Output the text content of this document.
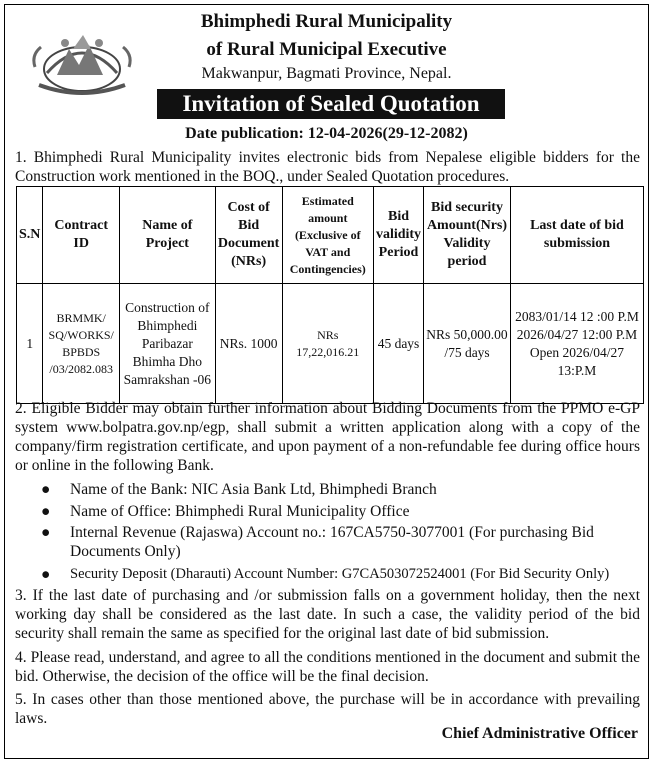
Bhimphedi Rural Municipality
of Rural Municipal Executive
Makwanpur, Bagmati Province, Nepal.
Invitation of Sealed Quotation
Date publication: 12-04-2026(29-12-2082)
1. Bhimphedi Rural Municipality invites electronic bids from Nepalese eligible bidders for the Construction work mentioned in the BOQ., under Sealed Quotation procedures.
S.N	Contract ID	Name of Project	Cost of Bid Document (NRs)	Estimated amount (Exclusive of VAT and Contingencies)	Bid validity Period	Bid security Amount(Nrs) Validity period	Last date of bid submission
1	BRMMK/ SQ/WORKS/ BPBDS /03/2082.083	Construction of Bhimphedi Paribazar Bhimha Dho Samrakshan -06	NRs. 1000	NRs 17,22,016.21	45 days	NRs 50,000.00 /75 days	2083/01/14 12 :00 P.M 2026/04/27 12:00 P.M Open 2026/04/27 13:P.M
2. Eligible Bidder may obtain further information about Bidding Documents from the PPMO e-GP system www.bolpatra.gov.np/egp, shall submit a written application along with a copy of the company/firm registration certificate, and upon payment of a non-refundable fee during office hours or online in the following Bank.
● Name of the Bank: NIC Asia Bank Ltd, Bhimphedi Branch
● Name of Office: Bhimphedi Rural Municipality Office
● Internal Revenue (Rajaswa) Account no.: 167CA5750-3077001 (For purchasing Bid Documents Only)
● Security Deposit (Dharauti) Account Number: G7CA503072524001 (For Bid Security Only)
3. If the last date of purchasing and /or submission falls on a government holiday, then the next working day shall be considered as the last date. In such a case, the validity period of the bid security shall remain the same as specified for the original last date of bid submission.
4. Please read, understand, and agree to all the conditions mentioned in the document and submit the bid. Otherwise, the decision of the office will be the final decision.
5. In cases other than those mentioned above, the purchase will be in accordance with prevailing laws.
Chief Administrative Officer
